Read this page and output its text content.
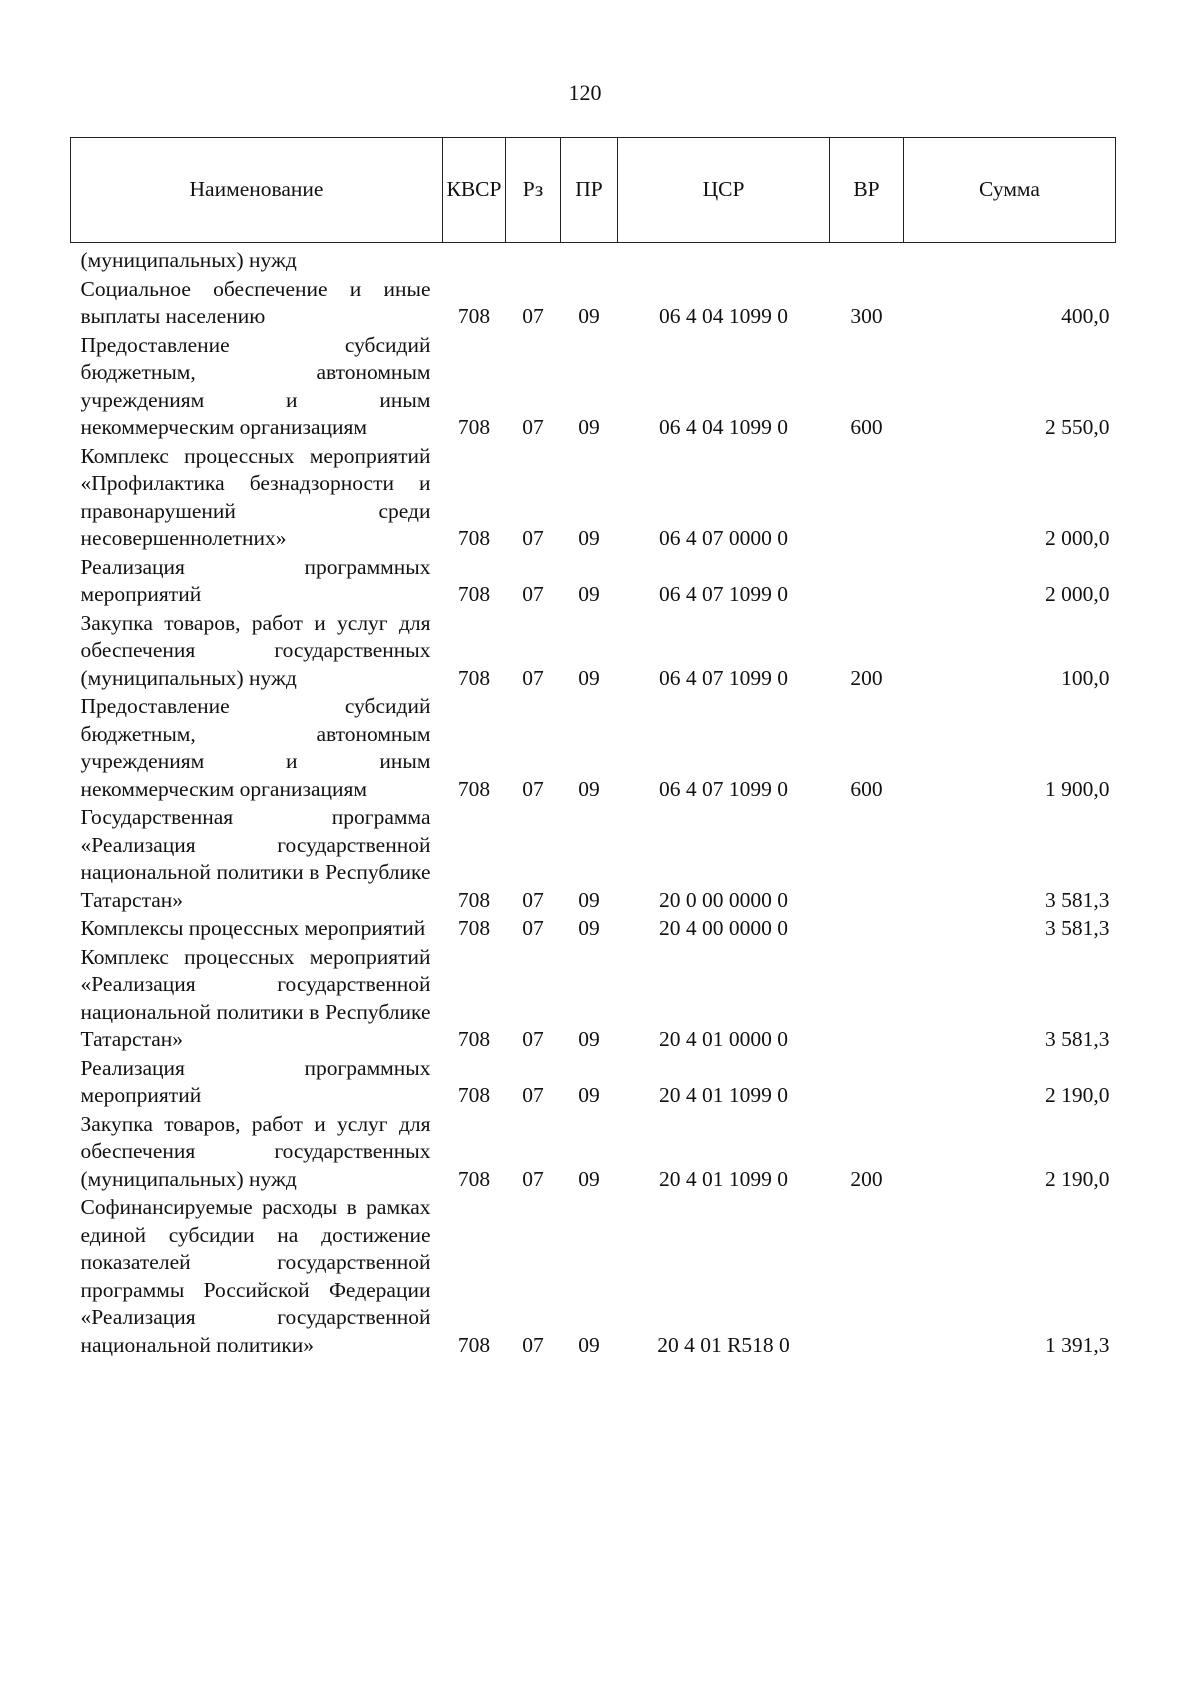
120
Наименование	КВСР	Рз	ПР	ЦСР	ВР	Сумма
(муниципальных) нужд						
Социальное обеспечение и иные выплаты населению	708	07	09	06 4 04 1099 0	300	400,0
Предоставление субсидий бюджетным, автономным учреждениям и иным некоммерческим организациям	708	07	09	06 4 04 1099 0	600	2 550,0
Комплекс процессных мероприятий «Профилактика безнадзорности и правонарушений среди несовершеннолетних»	708	07	09	06 4 07 0000 0		2 000,0
Реализация программных мероприятий	708	07	09	06 4 07 1099 0		2 000,0
Закупка товаров, работ и услуг для обеспечения государственных (муниципальных) нужд	708	07	09	06 4 07 1099 0	200	100,0
Предоставление субсидий бюджетным, автономным учреждениям и иным некоммерческим организациям	708	07	09	06 4 07 1099 0	600	1 900,0
Государственная программа «Реализация государственной национальной политики в Республике Татарстан»	708	07	09	20 0 00 0000 0		3 581,3
Комплексы процессных мероприятий	708	07	09	20 4 00 0000 0		3 581,3
Комплекс процессных мероприятий «Реализация государственной национальной политики в Республике Татарстан»	708	07	09	20 4 01 0000 0		3 581,3
Реализация программных мероприятий	708	07	09	20 4 01 1099 0		2 190,0
Закупка товаров, работ и услуг для обеспечения государственных (муниципальных) нужд	708	07	09	20 4 01 1099 0	200	2 190,0
Софинансируемые расходы в рамках единой субсидии на достижение показателей государственной программы Российской Федерации «Реализация государственной национальной политики»	708	07	09	20 4 01 R518 0		1 391,3
